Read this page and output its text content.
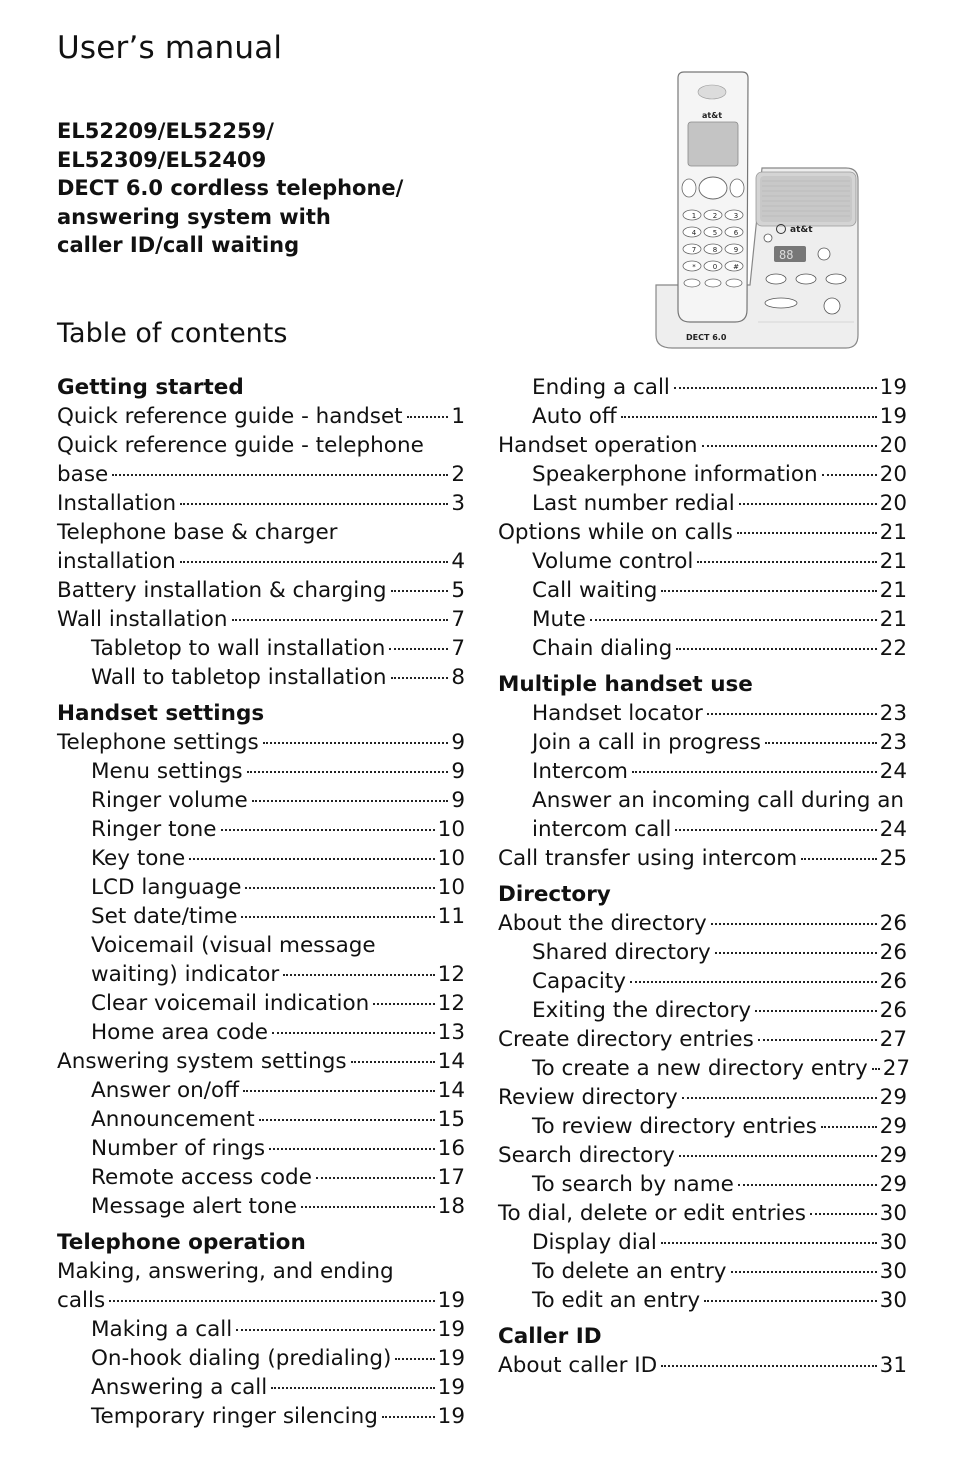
User’s manual
EL52209/EL52259/
EL52309/EL52409
DECT 6.0 cordless telephone/
answering system with
caller ID/call waiting
Table of contents
at&t
88
at&t
1 2 3
4 5 6
7 8 9
* 0 #
DECT 6.0
Getting started
Quick reference guide - handset 1
Quick reference guide - telephone
base	2
Installation	3
Telephone base & charger
installation	4
Battery installation & charging	5
Wall installation	7
Tabletop to wall installation	7
Wall to tabletop installation	8
Handset settings
Telephone settings	9
Menu settings	9
Ringer volume	9
Ringer tone	10
Key tone	10
LCD language	10
Set date/time	11
Voicemail (visual message
waiting) indicator	12
Clear voicemail indication	12
Home area code	13
Answering system settings	14
Answer on/off	14
Announcement	15
Number of rings	16
Remote access code	17
Message alert tone	18
Telephone operation
Making, answering, and ending
calls	19
Making a call	19
On-hook dialing (predialing) 19
Answering a call	19
Temporary ringer silencing	19
Ending a call	19
Auto off	19
Handset operation	20
Speakerphone information	20
Last number redial	20
Options while on calls	21
Volume control	21
Call waiting	21
Mute	21
Chain dialing	22
Multiple handset use
Handset locator	23
Join a call in progress	23
Intercom	24
Answer an incoming call during an
intercom call	24
Call transfer using intercom	25
Directory
About the directory	26
Shared directory	26
Capacity	26
Exiting the directory	26
Create directory entries	27
To create a new directory entry 27
Review directory	29
To review directory entries	29
Search directory	29
To search by name	29
To dial, delete or edit entries	30
Display dial	30
To delete an entry	30
To edit an entry	30
Caller ID
About caller ID	31
